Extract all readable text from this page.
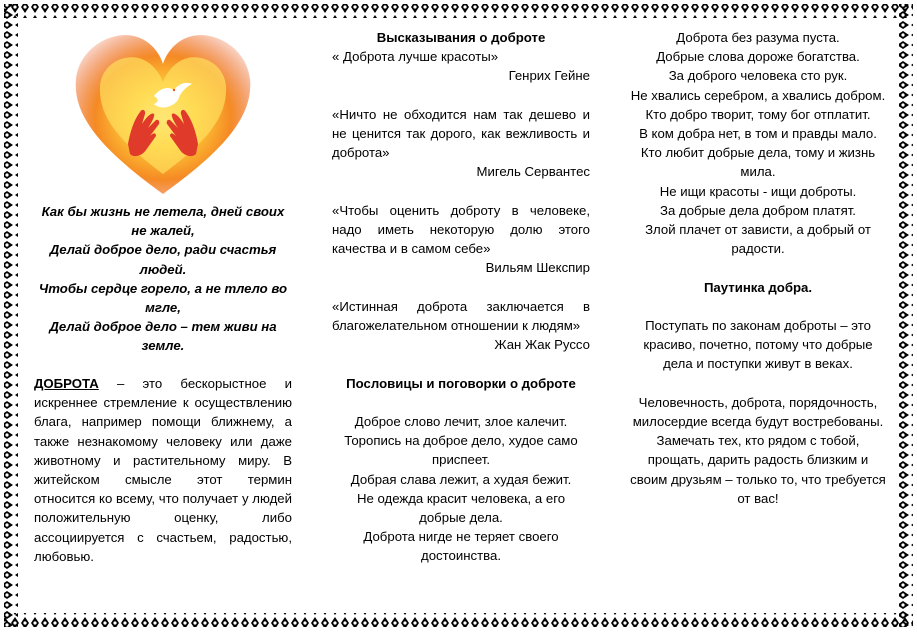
Как бы жизнь не летела, дней своих не жалей,

Делай доброе дело, ради счастья людей.

Чтобы сердце горело, а не тлело во мгле,

Делай доброе дело – тем живи на земле.

ДОБРОТА – это бескорыстное и искреннее стремление к осуществлению блага, например помощи ближнему, а также незнакомому человеку или даже животному и растительному миру. В житейском смысле этот термин относится ко всему, что получает у людей положительную оценку, либо ассоциируется с счастьем, радостью, любовью.

Высказывания о доброте

« Доброта лучше красоты»

Генрих Гейне

«Ничто не обходится нам так дешево и не ценится так дорого, как вежливость и доброта»

Мигель Сервантес

«Чтобы оценить доброту в человеке, надо иметь некоторую долю этого качества и в самом себе»

Вильям Шекспир

«Истинная доброта заключается в благожелательном отношении к людям»

Жан Жак Руссо

Пословицы и поговорки о доброте

Доброе слово лечит, злое калечит.

Торопись на доброе дело, худое само приспеет.

Добрая слава лежит, а худая бежит.

Не одежда красит человека, а его добрые дела.

Доброта нигде не теряет своего достоинства.

Доброта без разума пуста.

Добрые слова дороже богатства.

За доброго человека сто рук.

Не хвались серебром, а хвались добром.

Кто добро творит, тому бог отплатит.

В ком добра нет, в том и правды мало.

Кто любит добрые дела, тому и жизнь мила.

Не ищи красоты - ищи доброты.

За добрые дела добром платят.

Злой плачет от зависти, а добрый от радости.

Паутинка добра.

Поступать по законам доброты – это красиво, почетно, потому что добрые дела и поступки живут в веках.

Человечность, доброта, порядочность, милосердие всегда будут востребованы.

Замечать тех, кто рядом с тобой, прощать, дарить радость близким и своим друзьям – только то, что требуется от вас!
